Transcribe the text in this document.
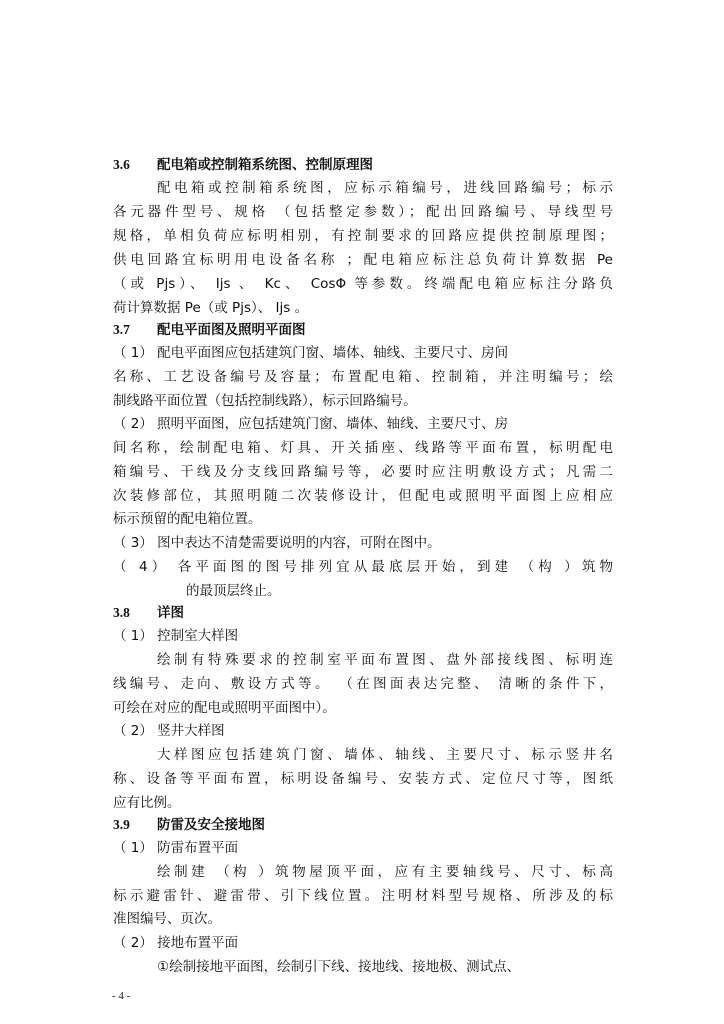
3.6 配电箱或控制箱系统图、控制原理图
配电箱或控制箱系统图，应标示箱编号，进线回路编号；标示
各元器件型号、规格 （包括整定参数）；配出回路编号、导线型号
规格，单相负荷应标明相别，有控制要求的回路应提供控制原理图；
供电回路宜标明用电设备名称 ；配电箱应标注总负荷计算数据 Pe
（或 Pjs）、 Ijs 、 Kc、 CosΦ 等参数。终端配电箱应标注分路负
荷计算数据 Pe（或 Pjs）、 Ijs 。
3.7 配电平面图及照明平面图
（ 1） 配电平面图应包括建筑门窗、墙体、轴线、主要尺寸、房间
名称、工艺设备编号及容量；布置配电箱、控制箱，并注明编号；绘
制线路平面位置（包括控制线路），标示回路编号。
（ 2） 照明平面图，应包括建筑门窗、墙体、轴线、主要尺寸、房
间名称，绘制配电箱、灯具、开关插座、线路等平面布置，标明配电
箱编号、干线及分支线回路编号等，必要时应注明敷设方式；凡需二
次装修部位，其照明随二次装修设计，但配电或照明平面图上应相应
标示预留的配电箱位置。
（ 3） 图中表达不清楚需要说明的内容，可附在图中。
（ 4） 各平面图的图号排列宜从最底层开始，到建 （构 ）筑物
的最顶层终止。
3.8 详图
（ 1） 控制室大样图
绘制有特殊要求的控制室平面布置图、盘外部接线图、标明连
线编号、走向、敷设方式等。 （在图面表达完整、 清晰的条件下，
可绘在对应的配电或照明平面图中）。
（ 2） 竖井大样图
大样图应包括建筑门窗、墙体、轴线、主要尺寸、标示竖井名
称、设备等平面布置，标明设备编号、安装方式、定位尺寸等，图纸
应有比例。
3.9 防雷及安全接地图
（ 1） 防雷布置平面
绘制建 （构 ）筑物屋顶平面，应有主要轴线号、尺寸、标高
标示避雷针、避雷带、引下线位置。注明材料型号规格、所涉及的标
准图编号、页次。
（ 2） 接地布置平面
①绘制接地平面图，绘制引下线、接地线、接地极、测试点、
- 4 -
